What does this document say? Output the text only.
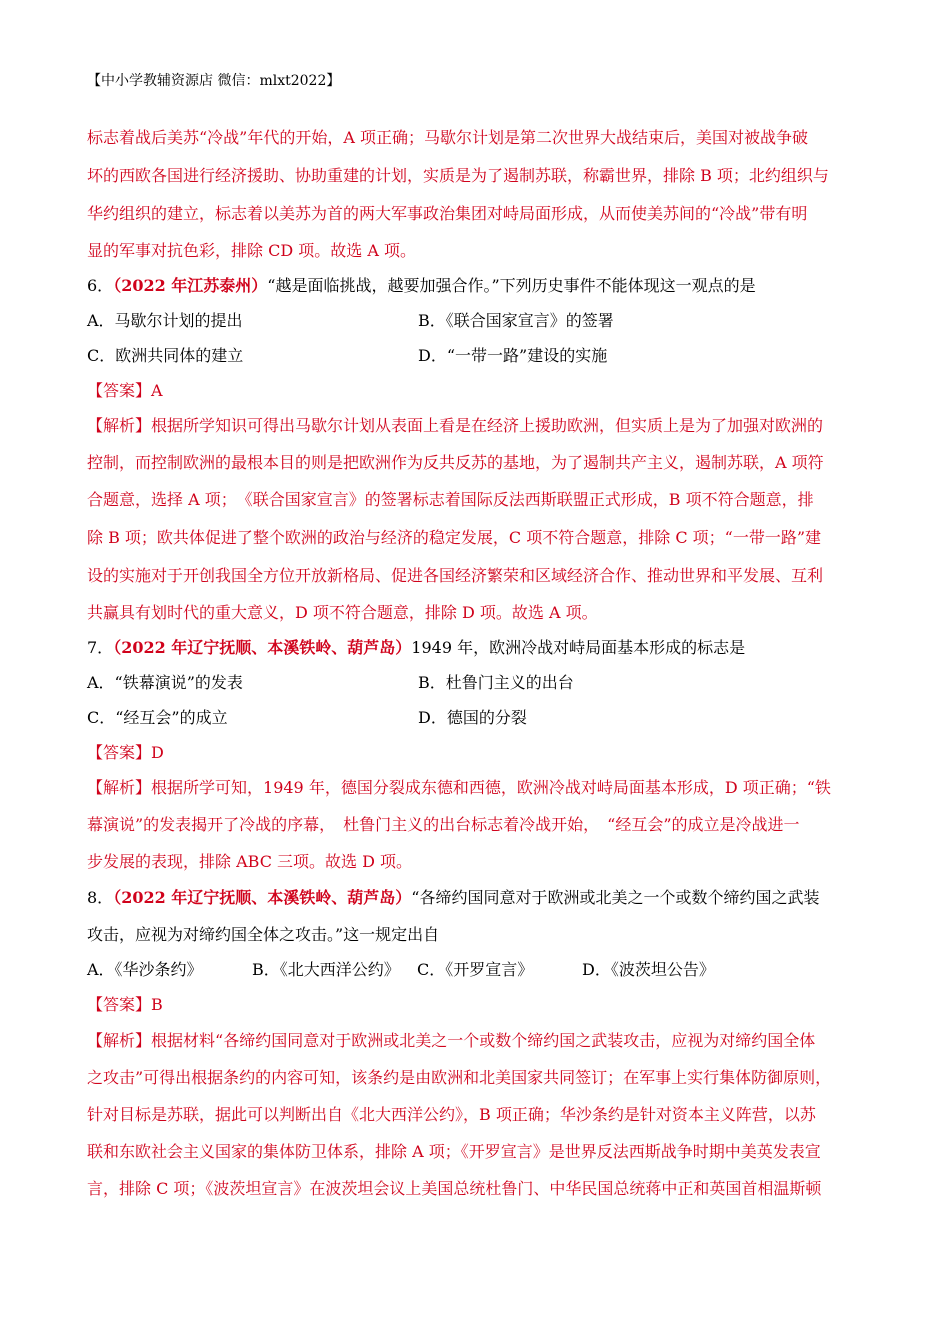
【中小学教辅资源店 微信：mlxt2022】
标志着战后美苏“冷战”年代的开始，A 项正确；马歇尔计划是第二次世界大战结束后，美国对被战争破
坏的西欧各国进行经济援助、协助重建的计划，实质是为了遏制苏联，称霸世界，排除 B 项；北约组织与
华约组织的建立，标志着以美苏为首的两大军事政治集团对峙局面形成，从而使美苏间的“冷战”带有明
显的军事对抗色彩，排除 CD 项。故选 A 项。
6．（2022 年江苏泰州）“越是面临挑战，越要加强合作。”下列历史事件不能体现这一观点的是
A．马歇尔计划的提出	B．《联合国家宣言》的签署
C．欧洲共同体的建立	D．“一带一路”建设的实施
【答案】A
【解析】根据所学知识可得出马歇尔计划从表面上看是在经济上援助欧洲，但实质上是为了加强对欧洲的
控制，而控制欧洲的最根本目的则是把欧洲作为反共反苏的基地，为了遏制共产主义，遏制苏联，A 项符
合题意，选择 A 项；　《联合国家宣言》的签署标志着国际反法西斯联盟正式形成，B 项不符合题意，排
除 B 项；欧共体促进了整个欧洲的政治与经济的稳定发展，C 项不符合题意，排除 C 项；“一带一路”建
设的实施对于开创我国全方位开放新格局、促进各国经济繁荣和区域经济合作、推动世界和平发展、互利
共赢具有划时代的重大意义，D 项不符合题意，排除 D 项。故选 A 项。
7．（2022 年辽宁抚顺、本溪铁岭、葫芦岛）1949 年，欧洲冷战对峙局面基本形成的标志是
A．“铁幕演说”的发表	B．杜鲁门主义的出台
C．“经互会”的成立	D．德国的分裂
【答案】D
【解析】根据所学可知，1949 年，德国分裂成东德和西德，欧洲冷战对峙局面基本形成，D 项正确；“铁
幕演说”的发表揭开了冷战的序幕，　杜鲁门主义的出台标志着冷战开始，　“经互会”的成立是冷战进一
步发展的表现，排除 ABC 三项。故选 D 项。
8．（2022 年辽宁抚顺、本溪铁岭、葫芦岛）“各缔约国同意对于欧洲或北美之一个或数个缔约国之武装
攻击，应视为对缔约国全体之攻击。”这一规定出自
A．《华沙条约》	B．《北大西洋公约》 C．《开罗宣言》	D．《波茨坦公告》
【答案】B
【解析】根据材料“各缔约国同意对于欧洲或北美之一个或数个缔约国之武装攻击，应视为对缔约国全体
之攻击”可得出根据条约的内容可知，该条约是由欧洲和北美国家共同签订；在军事上实行集体防御原则，
针对目标是苏联，据此可以判断出自《北大西洋公约》，B 项正确；华沙条约是针对资本主义阵营，以苏
联和东欧社会主义国家的集体防卫体系，排除 A 项；《开罗宣言》是世界反法西斯战争时期中美英发表宣
言，排除 C 项；《波茨坦宣言》在波茨坦会议上美国总统杜鲁门、中华民国总统蒋中正和英国首相温斯顿
